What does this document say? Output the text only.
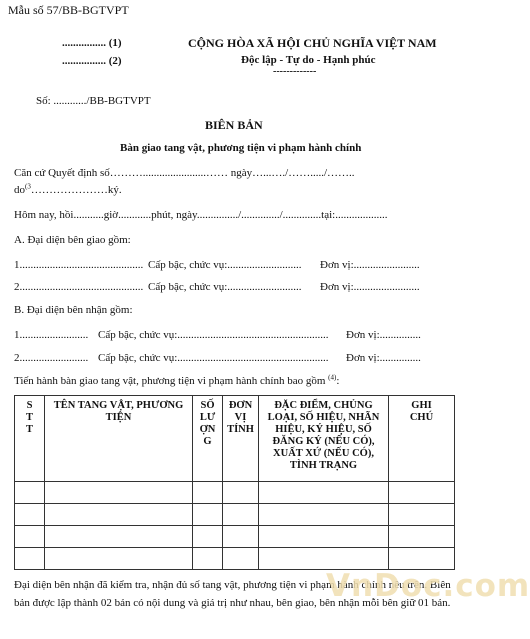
Mẫu số 57/BB-BGTVPT
................ (1)
................ (2)
CỘNG HÒA XÃ HỘI CHỦ NGHĨA VIỆT NAM
Độc lập - Tự do - Hạnh phúc
-------------
Số: ............/BB-BGTVPT
BIÊN BẢN
Bàn giao tang vật, phương tiện vi phạm hành chính
Căn cứ Quyết định số……….......................…… ngày…...…./……...../……..
$do^{(3}\dots\dots\dots\dots\dots\dots\dots ký$.
Hôm nay, hồi...........giờ............phút, ngày.............../............../..............tại:...................
A. Đại diện bên giao gồm:
1............................................. Cấp bậc, chức vụ:........................... Đơn vị:........................
2............................................. Cấp bậc, chức vụ:........................... Đơn vị:........................
B. Đại diện bên nhận gồm:
1......................... Cấp bậc, chức vụ:....................................................... Đơn vị:...............
2......................... Cấp bậc, chức vụ:....................................................... Đơn vị:...............
Tiến hành bàn giao tang vật, phương tiện vi phạm hành chính bao gồm $^{(4)}$:
STT	TÊN TANG VẬT, PHƯƠNG TIỆN	SỐ LƯỢNG	ĐƠN VỊ TÍNH	ĐẶC ĐIỂM, CHỦNG LOẠI, SỐ HIỆU, NHÃN HIỆU, KÝ HIỆU, SỐ ĐĂNG KÝ (NẾU CÓ), XUẤT XỨ (NẾU CÓ), TÌNH TRẠNG	GHI CHÚ

Đại diện bên nhận đã kiểm tra, nhận đủ số tang vật, phương tiện vi phạm hành chính nêu trên. Biên bản được lập thành 02 bản có nội dung và giá trị như nhau, bên giao, bên nhận mỗi bên giữ 01 bản.
VnDoc.com
